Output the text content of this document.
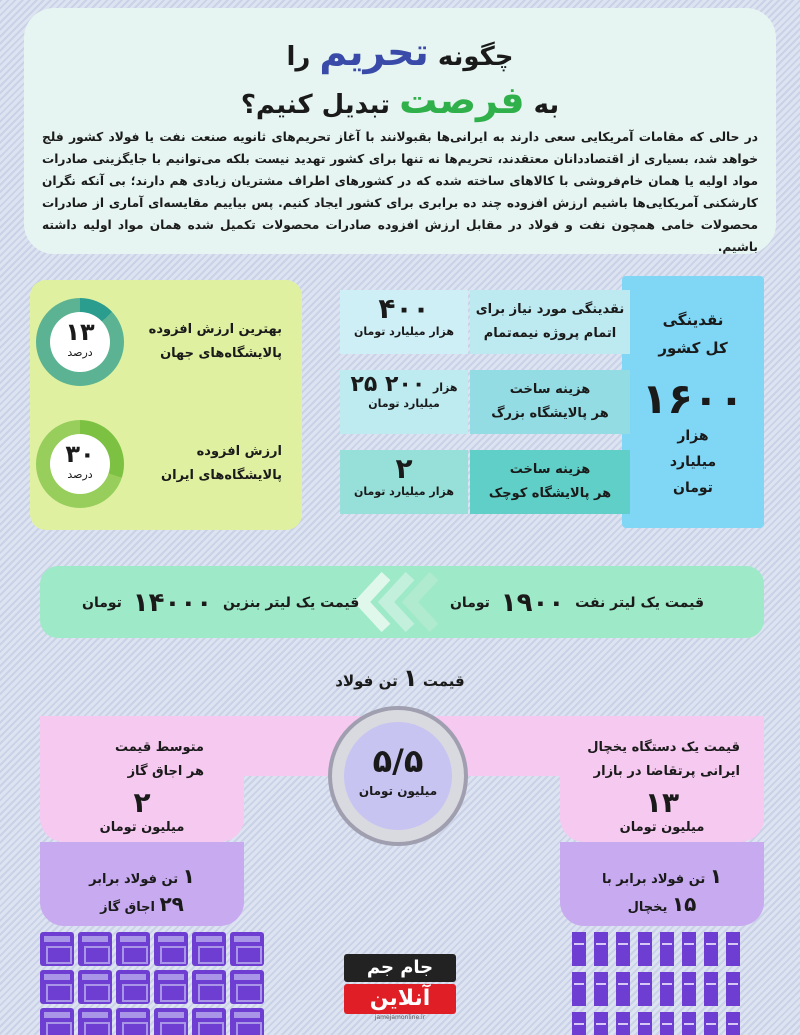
چگونه تحریم را
به فرصت تبدیل کنیم؟
در حالی که مقامات آمریکایی سعی دارند به ایرانی‌ها بقبولانند با آغاز تحریم‌های ثانویه صنعت نفت یا فولاد کشور فلج خواهد شد، بسیاری از اقتصاددانان معتقدند، تحریم‌ها نه تنها برای کشور تهدید نیست بلکه می‌توانیم با جایگزینی صادرات مواد اولیه یا همان خام‌فروشی با کالاهای ساخته شده که در کشورهای اطراف مشتریان زیادی هم دارند؛ بی آنکه نگران کارشکنی آمریکایی‌ها باشیم ارزش افزوده چند ده برابری برای کشور ایجاد کنیم. پس بیاییم مقایسه‌ای آماری از صادرات محصولات خامی همچون نفت و فولاد در مقابل ارزش افزوده صادرات محصولات تکمیل شده همان مواد اولیه داشته باشیم.
۱۳
درصد
بهترین ارزش افزوده
پالایشگاه‌های جهان
۳۰
درصد
ارزش افزوده
پالایشگاه‌های ایران
نقدینگی
کل کشور
۱۶۰۰
هزار
میلیارد
تومان
نقدینگی مورد نیاز برای
اتمام پروژه نیمه‌تمام
۴۰۰
هزار میلیارد تومان
هزینه ساخت
هر پالایشگاه بزرگ
۲۵	هزار ۲۰۰
میلیارد تومان
هزینه ساخت
هر پالایشگاه کوچک
۲
هزار میلیارد تومان
قیمت یک لیتر نفت ۱۹۰۰ تومان
قیمت یک لیتر بنزین ۱۴۰۰۰ تومان
قیمت ۱ تن فولاد
متوسط قیمت
هر اجاق گاز
۲
میلیون تومان
قیمت یک دستگاه یخچال
ایرانی پرتقاضا در بازار
۱۳
میلیون تومان
۱ تن فولاد برابر
۲۹ اجاق گاز
۱ تن فولاد برابر با
۱۵ یخچال
۵/۵
میلیون تومان
جام جم
آنلاین
jamejamonline.ir
